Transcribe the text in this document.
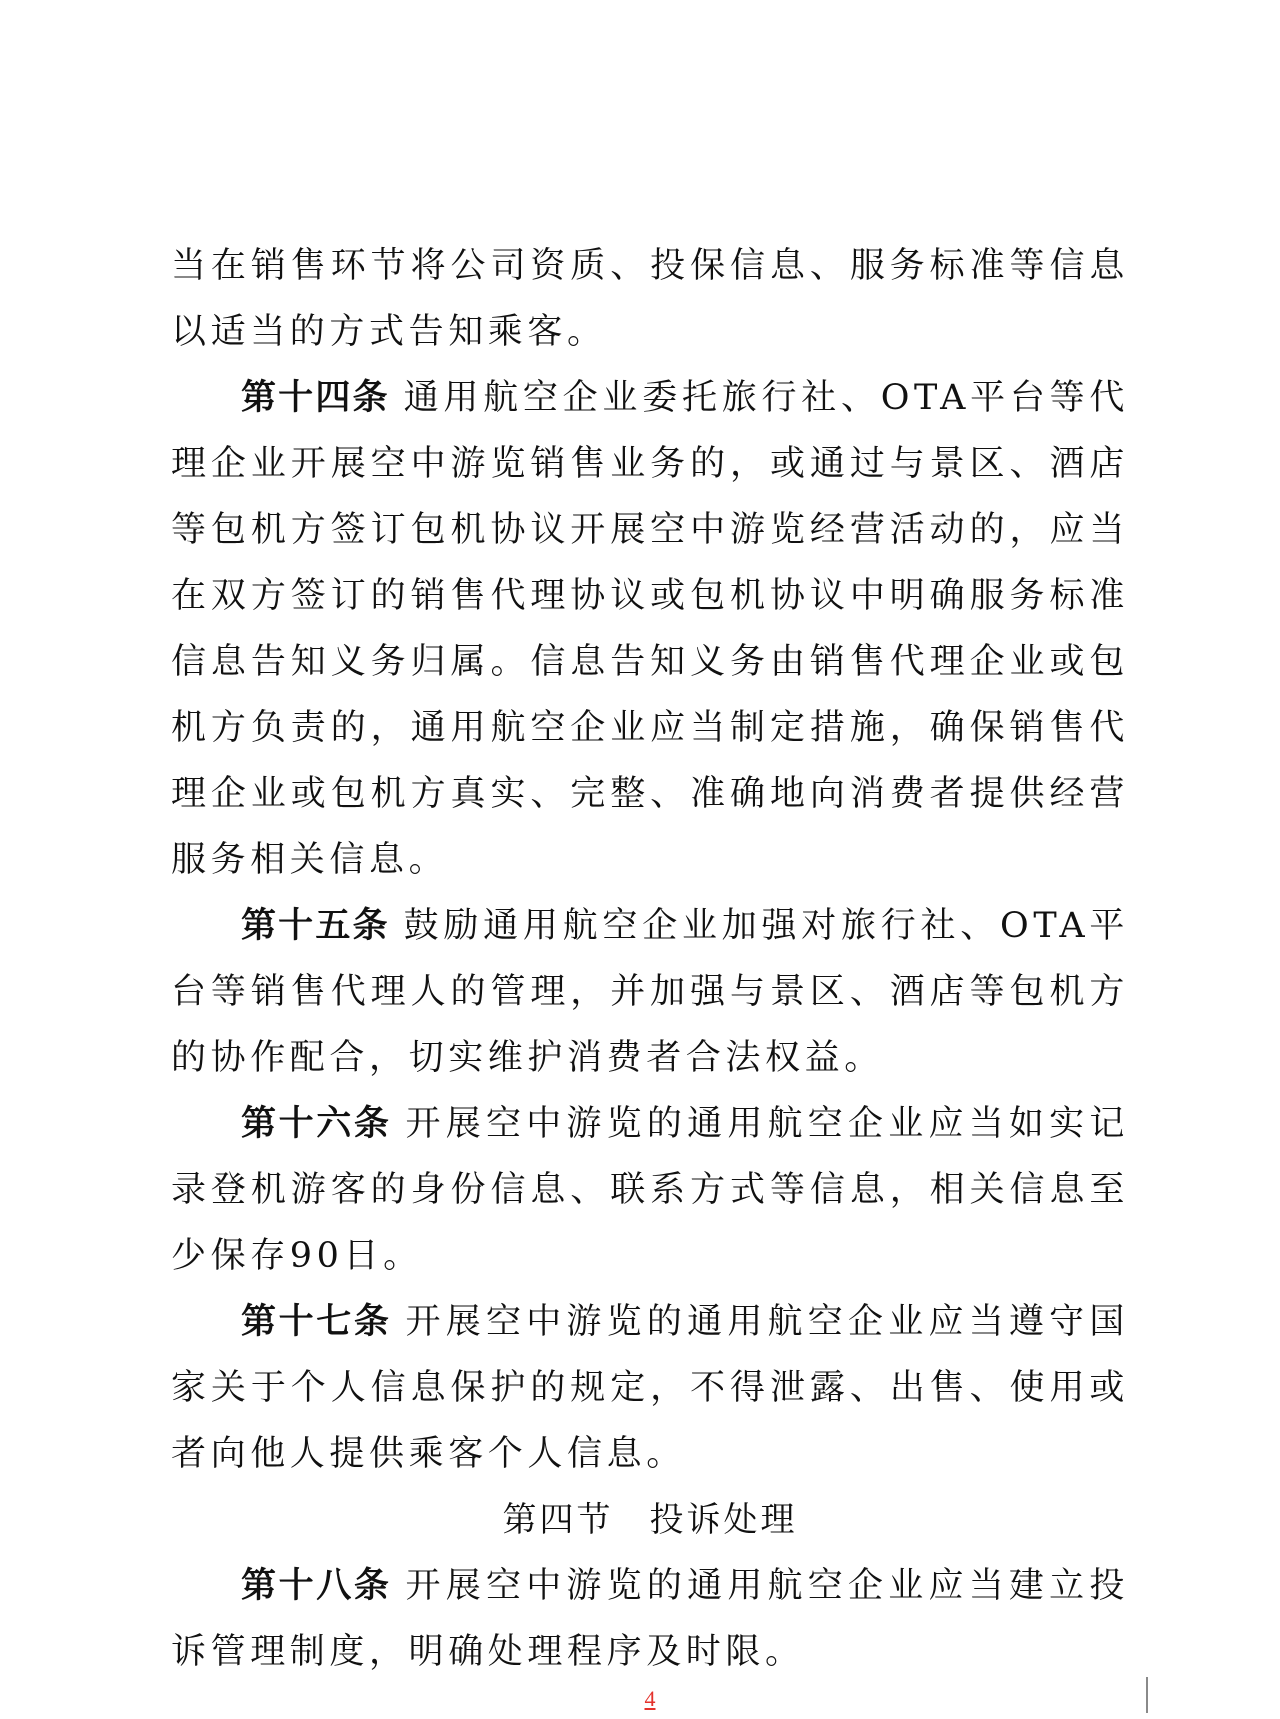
当在销售环节将公司资质、投保信息、服务标准等信息以适当的方式告知乘客。

第十四条 通用航空企业委托旅行社、OTA平台等代理企业开展空中游览销售业务的，或通过与景区、酒店等包机方签订包机协议开展空中游览经营活动的，应当在双方签订的销售代理协议或包机协议中明确服务标准信息告知义务归属。信息告知义务由销售代理企业或包机方负责的，通用航空企业应当制定措施，确保销售代理企业或包机方真实、完整、准确地向消费者提供经营服务相关信息。

第十五条 鼓励通用航空企业加强对旅行社、OTA平台等销售代理人的管理，并加强与景区、酒店等包机方的协作配合，切实维护消费者合法权益。

第十六条 开展空中游览的通用航空企业应当如实记录登机游客的身份信息、联系方式等信息，相关信息至少保存90日。

第十七条 开展空中游览的通用航空企业应当遵守国家关于个人信息保护的规定，不得泄露、出售、使用或者向他人提供乘客个人信息。

第四节 投诉处理

第十八条 开展空中游览的通用航空企业应当建立投诉管理制度，明确处理程序及时限。

4
